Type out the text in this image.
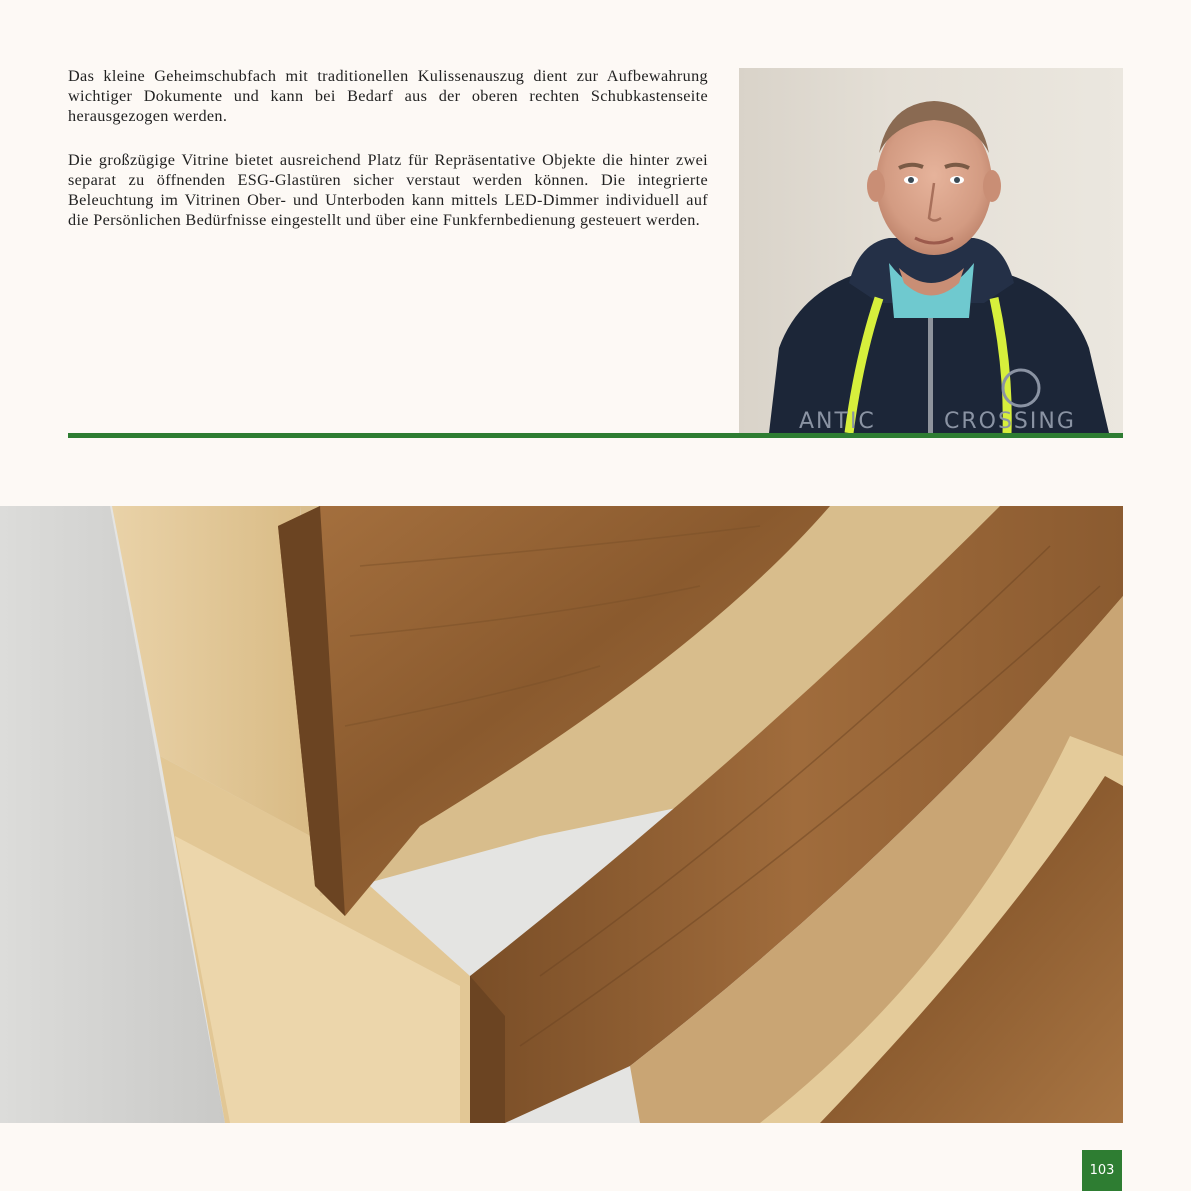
Das kleine Geheimschubfach mit traditionellen Kulissenauszug dient zur Aufbewahrung wichtiger Dokumente und kann bei Bedarf aus der oberen rechten Schubkastenseite herausgezogen werden.

Die großzügige Vitrine bietet ausreichend Platz für Repräsentative Objekte die hinter zwei separat zu öffnenden ESG-Glastüren sicher verstaut werden können. Die integrierte Beleuchtung im Vitrinen Ober- und Unterboden kann mittels LED-Dimmer individuell auf die Persönlichen Bedürfnisse eingestellt und über eine Funkfernbedienung gesteuert werden.

ANTIC	CROSSING
103
